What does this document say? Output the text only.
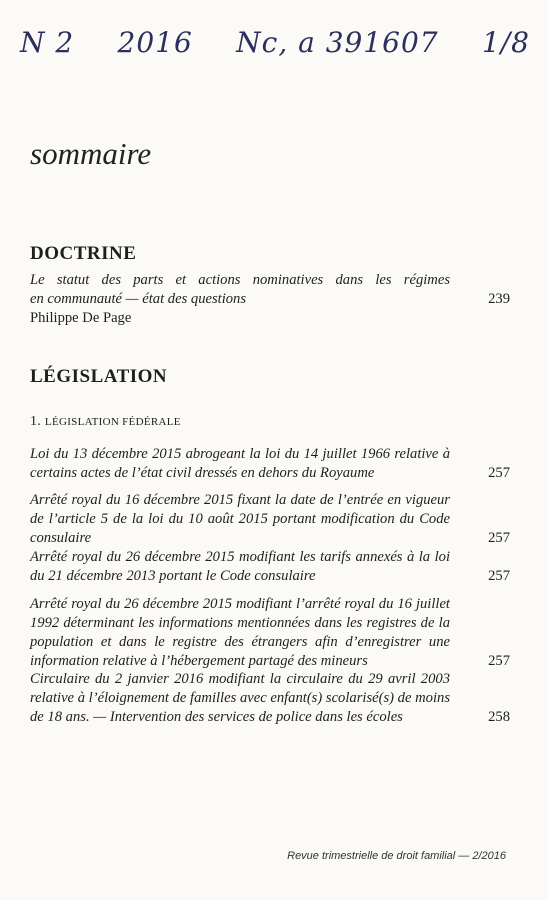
N 2 2016 Nc, a 391607 1/8
sommaire
DOCTRINE
Le statut des parts et actions nominatives dans les régimes
en communauté — état des questions
Philippe De Page
239
LÉGISLATION
1. LÉGISLATION FÉDÉRALE
Loi du 13 décembre 2015 abrogeant la loi du 14 juillet 1966 relative à certains actes de l’état civil dressés en dehors du Royaume	257
Arrêté royal du 16 décembre 2015 fixant la date de l’entrée en vigueur de l’article 5 de la loi du 10 août 2015 portant modification du Code consulaire	257
Arrêté royal du 26 décembre 2015 modifiant les tarifs annexés à la loi du 21 décembre 2013 portant le Code consulaire	257
Arrêté royal du 26 décembre 2015 modifiant l’arrêté royal du 16 juillet 1992 déterminant les informations mentionnées dans les registres de la population et dans le registre des étrangers afin d’enregistrer une information relative à l’hébergement partagé des mineurs	257
Circulaire du 2 janvier 2016 modifiant la circulaire du 29 avril 2003 relative à l’éloignement de familles avec enfant(s) scolarisé(s) de moins de 18 ans. — Intervention des services de police dans les écoles	258
Revue trimestrielle de droit familial — 2/2016
